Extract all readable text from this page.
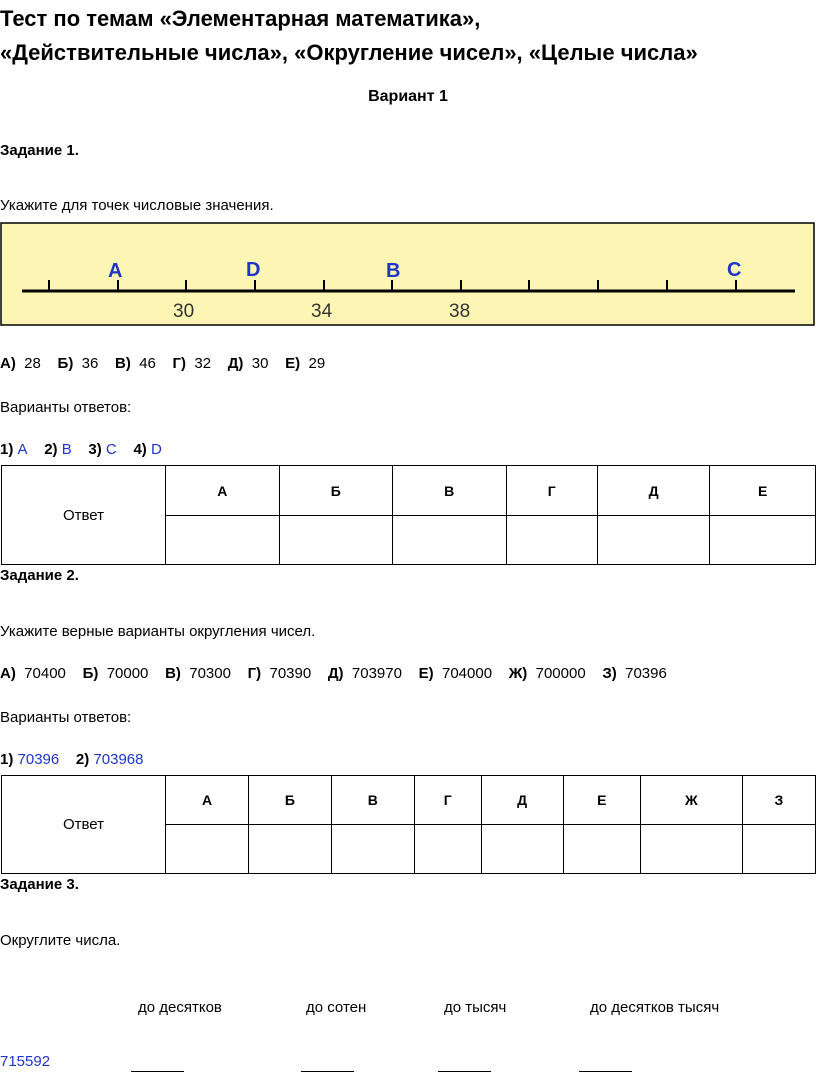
Тест по темам «Элементарная математика»,
«Действительные числа», «Округление чисел», «Целые числа»
Вариант 1
Задание 1.
Укажите для точек числовые значения.
A	D	B	C
30	34	38
А) 28 Б) 36 В) 46 Г) 32 Д) 30 Е) 29
Варианты ответов:
1) A 2) B 3) C 4) D
Ответ	А	Б	В	Г	Д	Е

Задание 2.
Укажите верные варианты округления чисел.
А) 70400 Б) 70000 В) 70300 Г) 70390 Д) 703970 Е) 704000 Ж) 700000 З) 70396
Варианты ответов:
1) 70396 2) 703968
Ответ	А	Б	В	Г	Д	Е	Ж	З

Задание 3.
Округлите числа.
до десятков	до сотен	до тысяч	до десятков тысяч
715592
